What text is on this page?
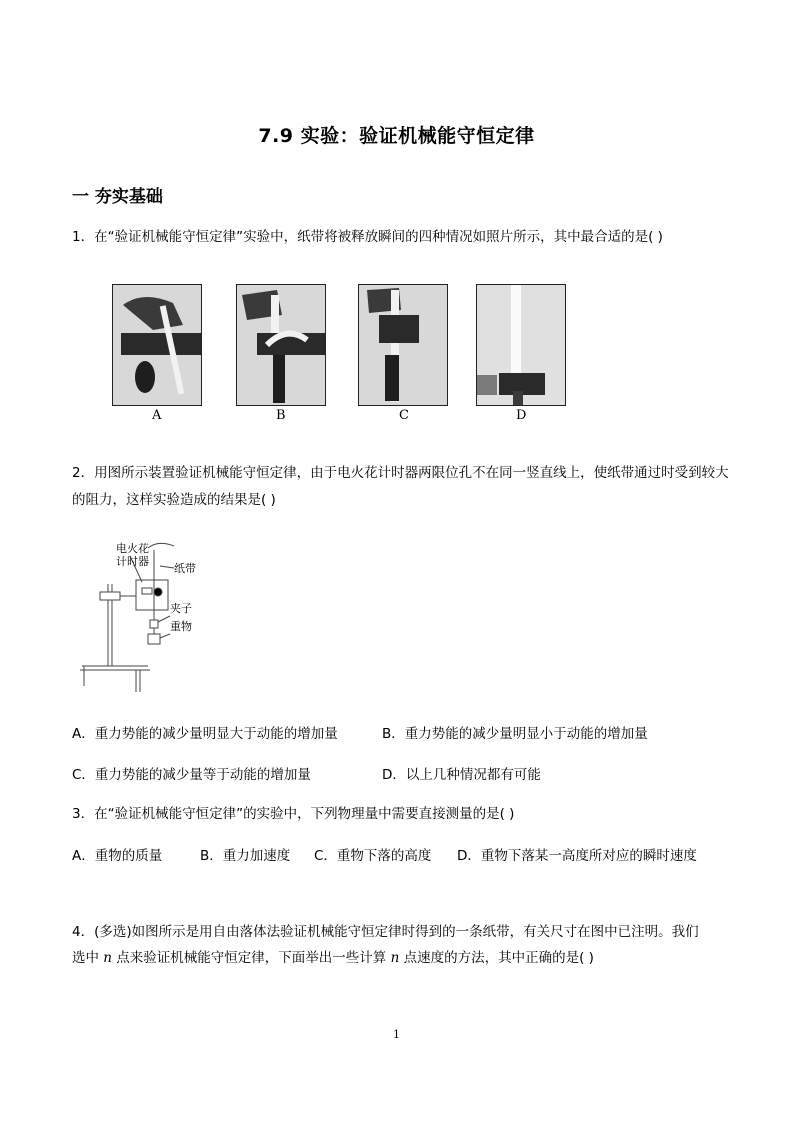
7.9 实验：验证机械能守恒定律
一 夯实基础
1．在“验证机械能守恒定律”实验中，纸带将被释放瞬间的四种情况如照片所示，其中最合适的是( )
A	B	C	D
2．用图所示装置验证机械能守恒定律，由于电火花计时器两限位孔不在同一竖直线上，使纸带通过时受到较大的阻力，这样实验造成的结果是( )
电火花
计时器
纸带
夹子
重物
A．重力势能的减少量明显大于动能的增加量	B．重力势能的减少量明显小于动能的增加量
C．重力势能的减少量等于动能的增加量	D．以上几种情况都有可能
3．在“验证机械能守恒定律”的实验中，下列物理量中需要直接测量的是( )
A．重物的质量	B．重力加速度 C．重物下落的高度 D．重物下落某一高度所对应的瞬时速度
4．(多选)如图所示是用自由落体法验证机械能守恒定律时得到的一条纸带，有关尺寸在图中已注明。我们
选中 n 点来验证机械能守恒定律，下面举出一些计算 n 点速度的方法，其中正确的是( )
1
